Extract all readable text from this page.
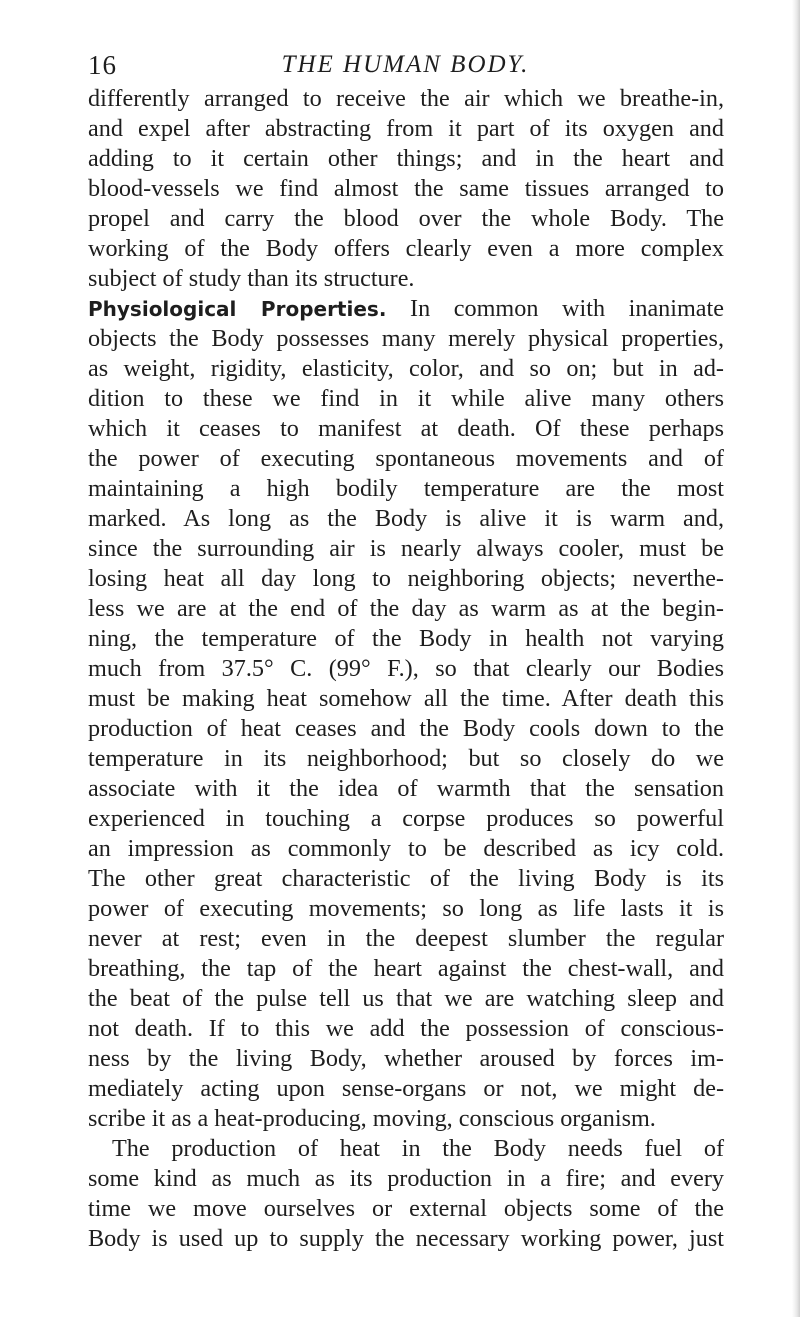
16	THE HUMAN BODY.
differently arranged to receive the air which we breathe-in,
and expel after abstracting from it part of its oxygen and
adding to it certain other things; and in the heart and
blood-vessels we find almost the same tissues arranged to
propel and carry the blood over the whole Body. The
working of the Body offers clearly even a more complex
subject of study than its structure.
Physiological Properties. In common with inanimate
objects the Body possesses many merely physical properties,
as weight, rigidity, elasticity, color, and so on; but in ad-
dition to these we find in it while alive many others
which it ceases to manifest at death. Of these perhaps
the power of executing spontaneous movements and of
maintaining a high bodily temperature are the most
marked. As long as the Body is alive it is warm and,
since the surrounding air is nearly always cooler, must be
losing heat all day long to neighboring objects; neverthe-
less we are at the end of the day as warm as at the begin-
ning, the temperature of the Body in health not varying
much from 37.5° C. (99° F.), so that clearly our Bodies
must be making heat somehow all the time. After death this
production of heat ceases and the Body cools down to the
temperature in its neighborhood; but so closely do we
associate with it the idea of warmth that the sensation
experienced in touching a corpse produces so powerful
an impression as commonly to be described as icy cold.
The other great characteristic of the living Body is its
power of executing movements; so long as life lasts it is
never at rest; even in the deepest slumber the regular
breathing, the tap of the heart against the chest-wall, and
the beat of the pulse tell us that we are watching sleep and
not death. If to this we add the possession of conscious-
ness by the living Body, whether aroused by forces im-
mediately acting upon sense-organs or not, we might de-
scribe it as a heat-producing, moving, conscious organism.
The production of heat in the Body needs fuel of
some kind as much as its production in a fire; and every
time we move ourselves or external objects some of the
Body is used up to supply the necessary working power, just
